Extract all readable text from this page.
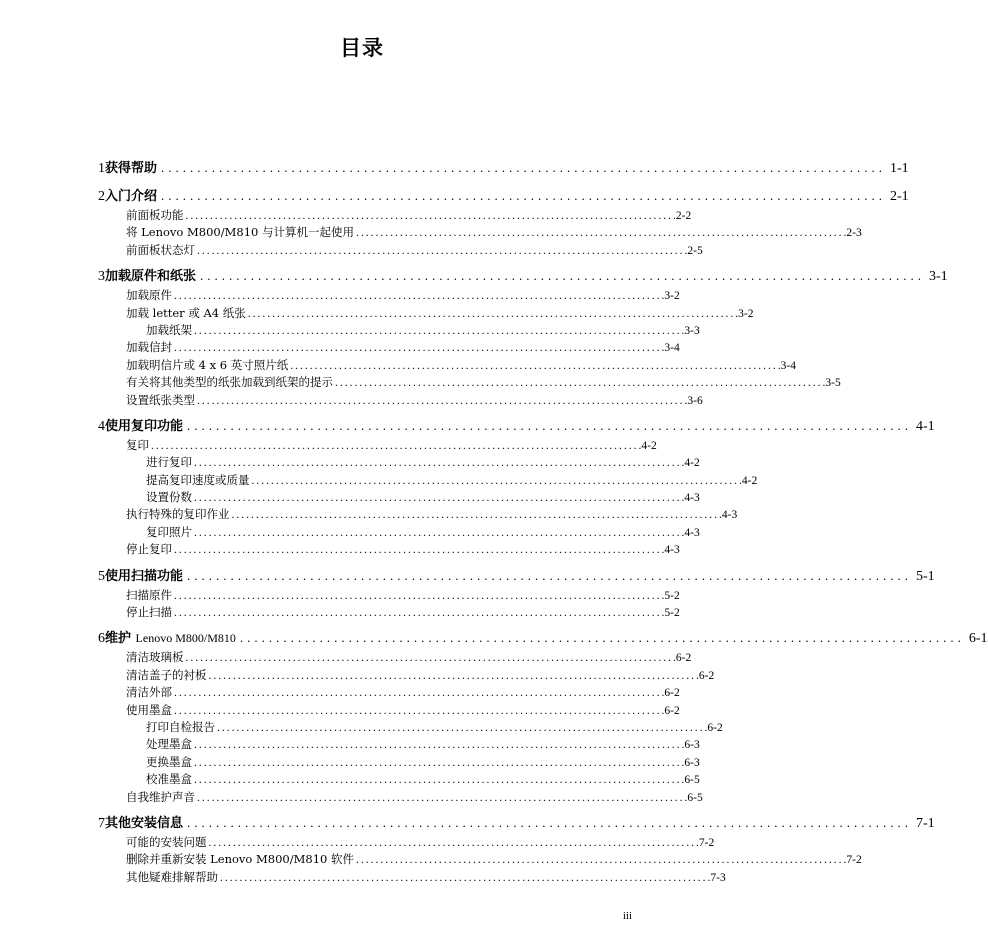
目录
1 获得帮助 .................................................................................................... 1-1
2 入门介绍 .................................................................................................... 2-1
前面板功能 .................................................................................................... .2-2
将 Lenovo M800/M810 与计算机一起使用 .................................................................................................... .2-3
前面板状态灯 .................................................................................................... .2-5
3 加载原件和纸张 .................................................................................................... 3-1
加载原件 .................................................................................................... .3-2
加载 letter 或 A4 纸张 .................................................................................................... .3-2
加载纸架 .................................................................................................... .3-3
加载信封 .................................................................................................... .3-4
加载明信片或 4 x 6 英寸照片纸 .................................................................................................... .3-4
有关将其他类型的纸张加载到纸架的提示 .................................................................................................... .3-5
设置纸张类型 .................................................................................................... .3-6
4 使用复印功能 .................................................................................................... 4-1
复印 .................................................................................................... .4-2
进行复印 .................................................................................................... .4-2
提高复印速度或质量 .................................................................................................... .4-2
设置份数 .................................................................................................... .4-3
执行特殊的复印作业 .................................................................................................... .4-3
复印照片 .................................................................................................... .4-3
停止复印 .................................................................................................... .4-3
5 使用扫描功能 .................................................................................................... 5-1
扫描原件 .................................................................................................... .5-2
停止扫描 .................................................................................................... .5-2
6 维护 Lenovo M800/M810 .................................................................................................... 6-1
清洁玻璃板 .................................................................................................... .6-2
清洁盖子的衬板 .................................................................................................... .6-2
清洁外部 .................................................................................................... .6-2
使用墨盒 .................................................................................................... .6-2
打印自检报告 .................................................................................................... .6-2
处理墨盒 .................................................................................................... .6-3
更换墨盒 .................................................................................................... .6-3
校准墨盒 .................................................................................................... .6-5
自我维护声音 .................................................................................................... .6-5
7 其他安装信息 .................................................................................................... 7-1
可能的安装问题 .................................................................................................... .7-2
删除并重新安装 Lenovo M800/M810 软件 .................................................................................................... .7-2
其他疑难排解帮助 .................................................................................................... .7-3
iii
